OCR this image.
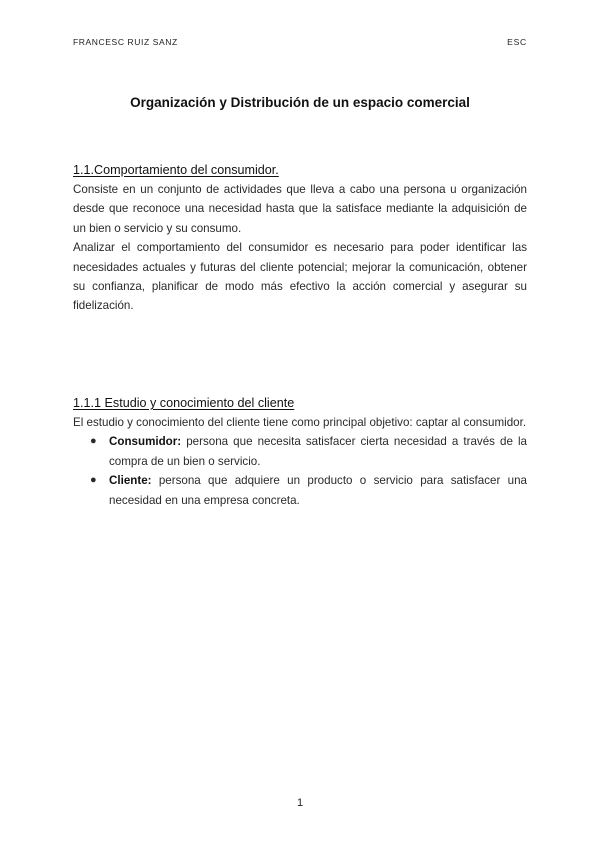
FRANCESC RUIZ SANZ	ESC
Organización y Distribución de un espacio comercial

1.1.Comportamiento del consumidor.

Consiste en un conjunto de actividades que lleva a cabo una persona u organización desde que reconoce una necesidad hasta que la satisface mediante la adquisición de un bien o servicio y su consumo.

Analizar el comportamiento del consumidor es necesario para poder identificar las necesidades actuales y futuras del cliente potencial; mejorar la comunicación, obtener su confianza, planificar de modo más efectivo la acción comercial y asegurar su fidelización.

1.1.1 Estudio y conocimiento del cliente

El estudio y conocimiento del cliente tiene como principal objetivo: captar al consumidor.

● Consumidor: persona que necesita satisfacer cierta necesidad a través de la compra de un bien o servicio.
● Cliente: persona que adquiere un producto o servicio para satisfacer una necesidad en una empresa concreta.
1
